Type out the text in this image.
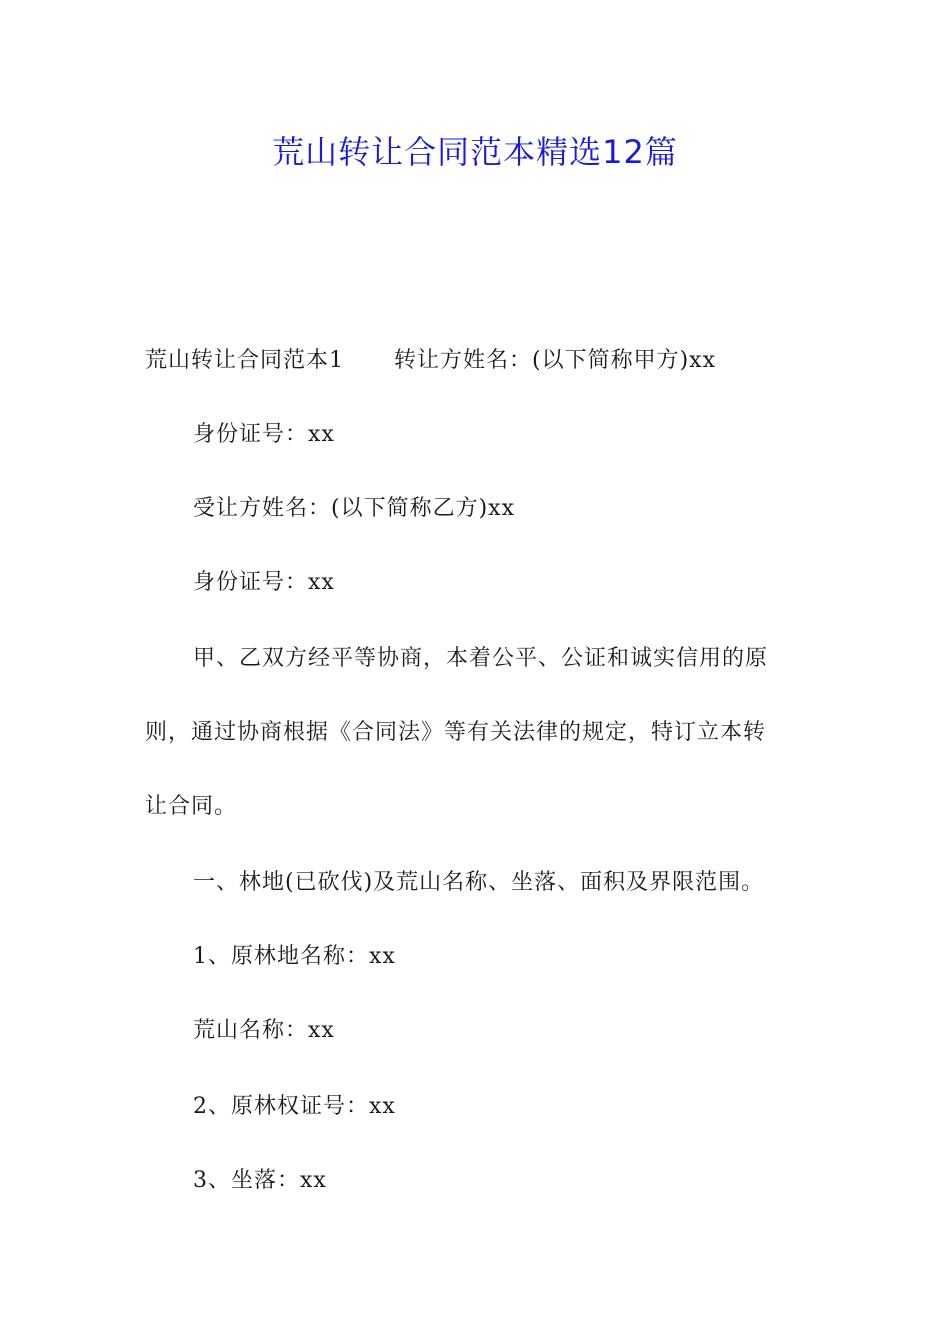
荒山转让合同范本精选12篇
荒山转让合同范本1 转让方姓名：(以下简称甲方)xx
身份证号：xx
受让方姓名：(以下简称乙方)xx
身份证号：xx
甲、乙双方经平等协商，本着公平、公证和诚实信用的原
则，通过协商根据《合同法》等有关法律的规定，特订立本转
让合同。
一、林地(已砍伐)及荒山名称、坐落、面积及界限范围。
1、原林地名称：xx
荒山名称：xx
2、原林权证号：xx
3、坐落：xx
